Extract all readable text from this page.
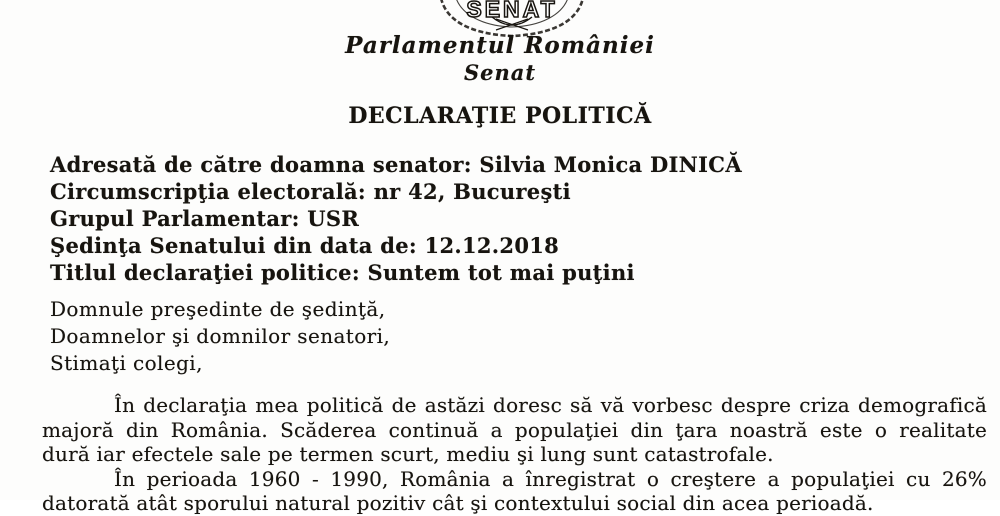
SENAT
Parlamentul României
Senat
DECLARAŢIE POLITICĂ
Adresată de către doamna senator: Silvia Monica DINICĂ
Circumscripţia electorală: nr 42, Bucureşti
Grupul Parlamentar: USR
Şedinţa Senatului din data de: 12.12.2018
Titlul declaraţiei politice: Suntem tot mai puţini
Domnule preşedinte de şedinţă,
Doamnelor şi domnilor senatori,
Stimaţi colegi,
În declaraţia mea politică de astăzi doresc să vă vorbesc despre criza demografică
majoră din România. Scăderea continuă a populaţiei din ţara noastră este o realitate
dură iar efectele sale pe termen scurt, mediu şi lung sunt catastrofale.
În perioada 1960 - 1990, România a înregistrat o creştere a populaţiei cu 26%
datorată atât sporului natural pozitiv cât şi contextului social din acea perioadă.
